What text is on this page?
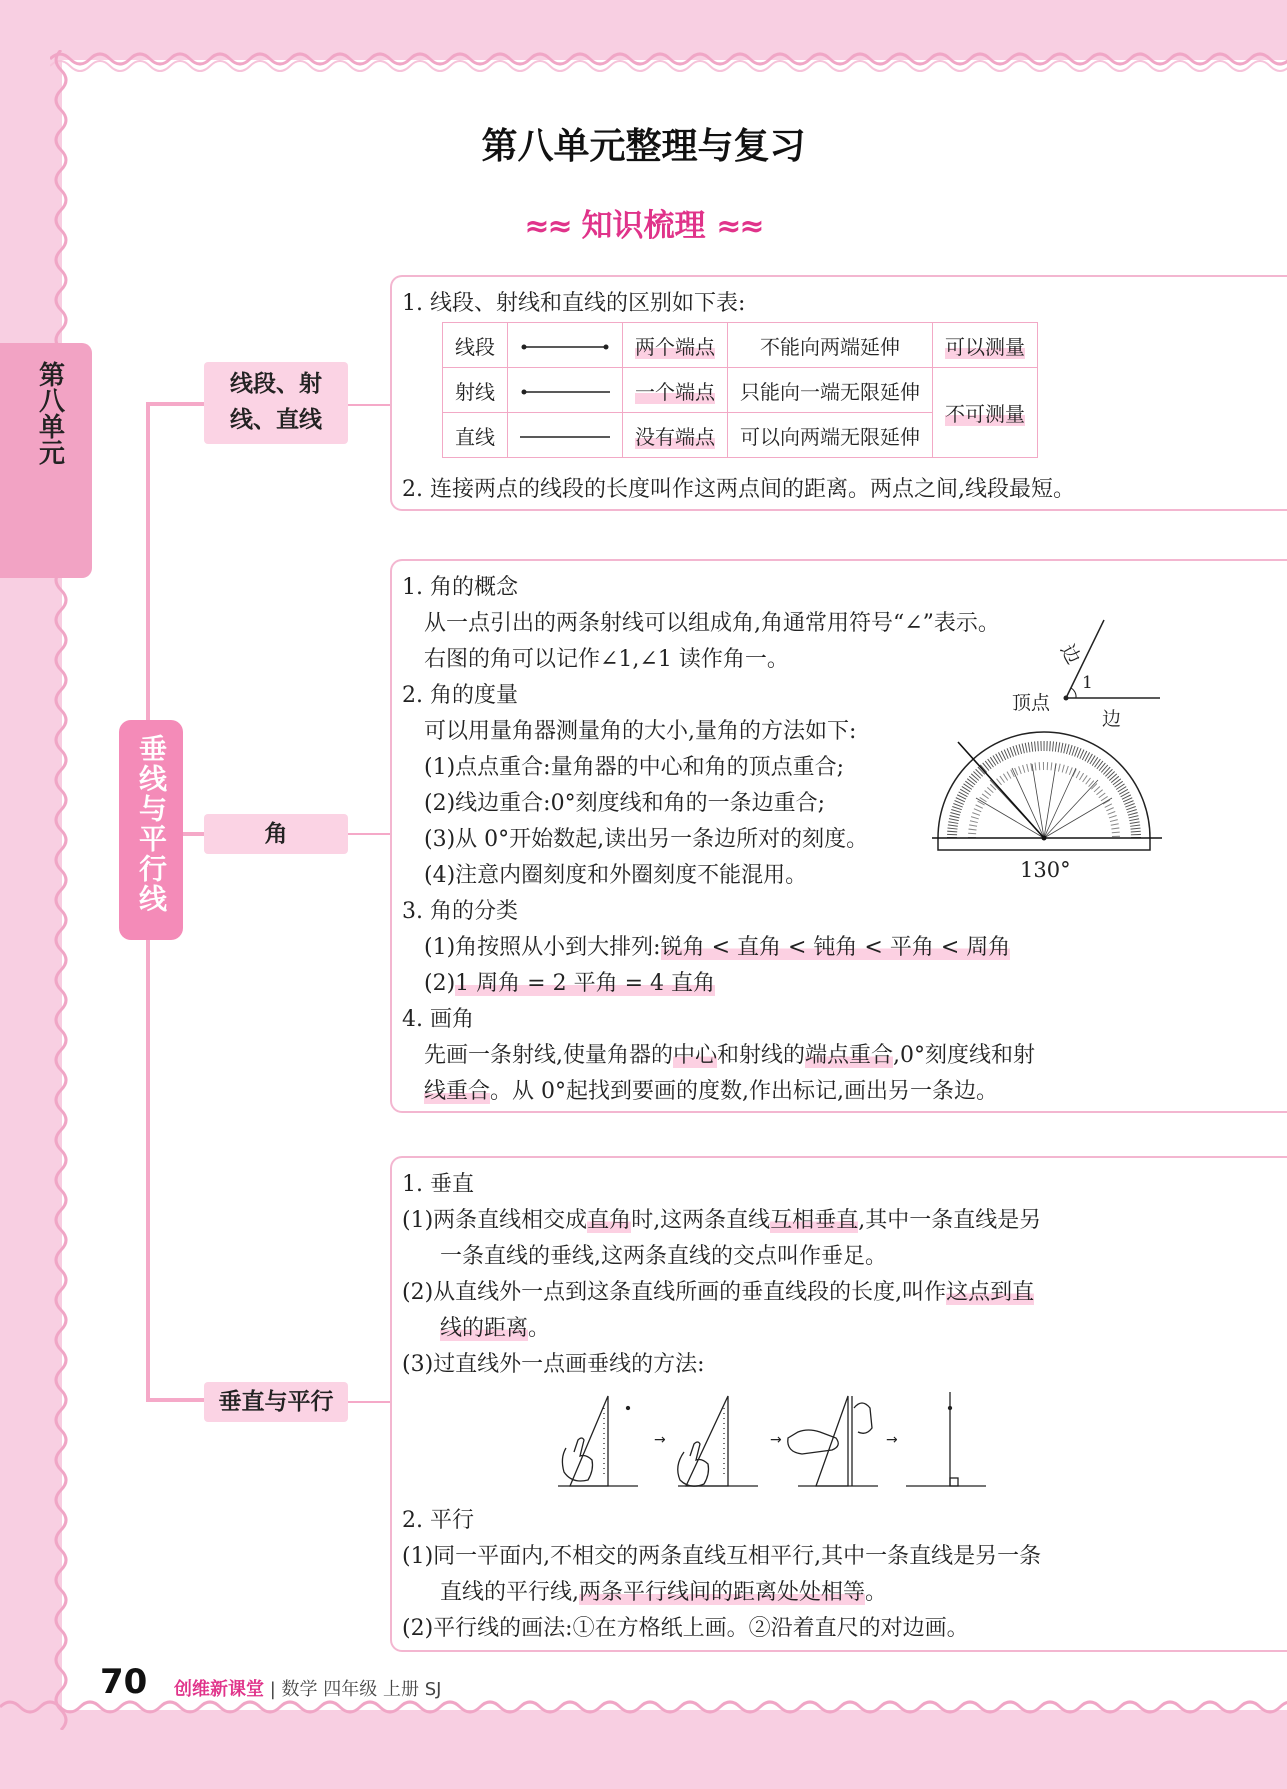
第八单元
第八单元整理与复习
≈≈ 知识梳理 ≈≈
垂线与平行线
线段、射线、直线
角
垂直与平行
1. 线段、射线和直线的区别如下表:
线段		两个端点	不能向两端延伸	可以测量
射线		一个端点	只能向一端无限延伸	不可测量
直线		没有端点	可以向两端无限延伸	
2. 连接两点的线段的长度叫作这两点间的距离。两点之间,线段最短。
1. 角的概念
从一点引出的两条射线可以组成角,角通常用符号“∠”表示。
右图的角可以记作∠1,∠1 读作角一。
2. 角的度量
可以用量角器测量角的大小,量角的方法如下:
(1)点点重合:量角器的中心和角的顶点重合;
(2)线边重合:0°刻度线和角的一条边重合;
(3)从 0°开始数起,读出另一条边所对的刻度。
(4)注意内圈刻度和外圈刻度不能混用。
3. 角的分类
(1)角按照从小到大排列:锐角 < 直角 < 钝角 < 平角 < 周角
(2)1 周角 = 2 平角 = 4 直角
4. 画角
先画一条射线,使量角器的中心和射线的端点重合,0°刻度线和射
线重合。从 0°起找到要画的度数,作出标记,画出另一条边。
顶点
1
边
边
130°
1. 垂直
(1)两条直线相交成直角时,这两条直线互相垂直,其中一条直线是另
一条直线的垂线,这两条直线的交点叫作垂足。
(2)从直线外一点到这条直线所画的垂直线段的长度,叫作这点到直
线的距离。
(3)过直线外一点画垂线的方法:
→	→	→
2. 平行
(1)同一平面内,不相交的两条直线互相平行,其中一条直线是另一条
直线的平行线,两条平行线间的距离处处相等。
(2)平行线的画法:①在方格纸上画。②沿着直尺的对边画。
70 创维新课堂 | 数学 四年级 上册 SJ
